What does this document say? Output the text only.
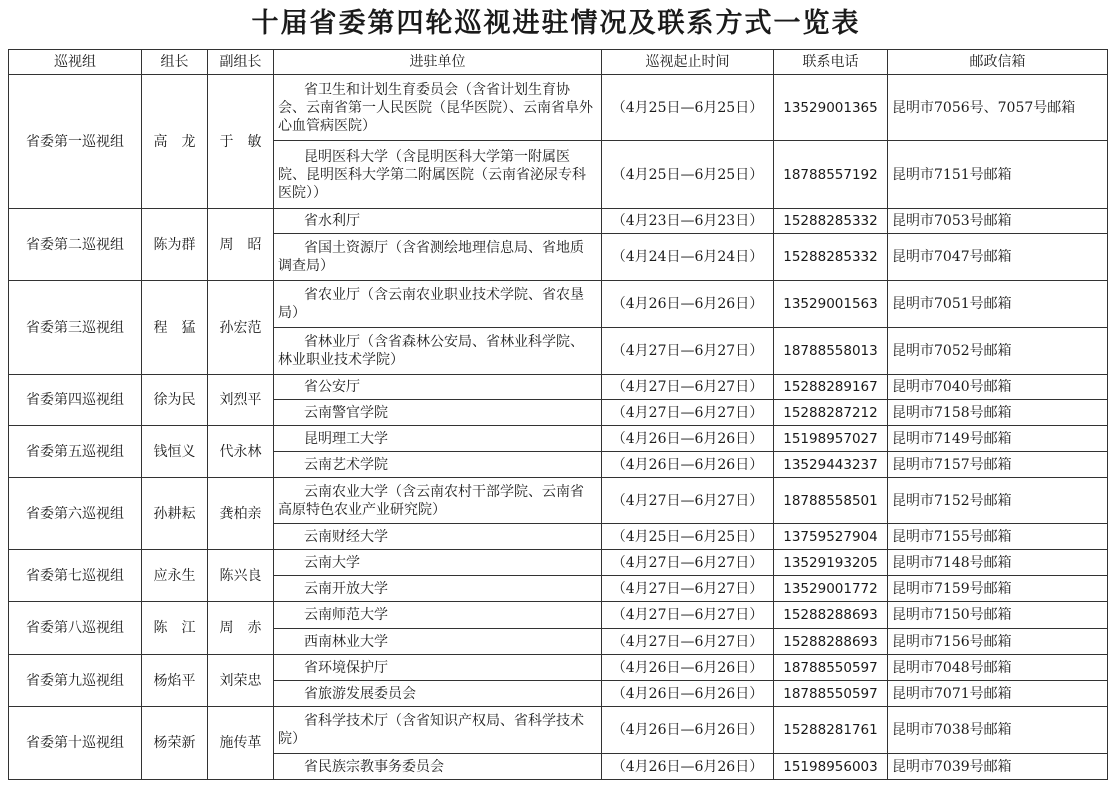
十届省委第四轮巡视进驻情况及联系方式一览表
巡视组	组长	副组长	进驻单位	巡视起止时间	联系电话	邮政信箱
省委第一巡视组	高　龙	于　敏	省卫生和计划生育委员会（含省计划生育协会、云南省第一人民医院（昆华医院）、云南省阜外心血管病医院）	（4月25日—6月25日）	13529001365	昆明市7056号、7057号邮箱
			昆明医科大学（含昆明医科大学第一附属医院、昆明医科大学第二附属医院（云南省泌尿专科医院））	（4月25日—6月25日）	18788557192	昆明市7151号邮箱
省委第二巡视组	陈为群	周　昭	省水利厅	（4月23日—6月23日）	15288285332	昆明市7053号邮箱
			省国土资源厅（含省测绘地理信息局、省地质调查局）	（4月24日—6月24日）	15288285332	昆明市7047号邮箱
省委第三巡视组	程　猛	孙宏范	省农业厅（含云南农业职业技术学院、省农垦局）	（4月26日—6月26日）	13529001563	昆明市7051号邮箱
			省林业厅（含省森林公安局、省林业科学院、林业职业技术学院）	（4月27日—6月27日）	18788558013	昆明市7052号邮箱
省委第四巡视组	徐为民	刘烈平	省公安厅	（4月27日—6月27日）	15288289167	昆明市7040号邮箱
			云南警官学院	（4月27日—6月27日）	15288287212	昆明市7158号邮箱
省委第五巡视组	钱恒义	代永林	昆明理工大学	（4月26日—6月26日）	15198957027	昆明市7149号邮箱
			云南艺术学院	（4月26日—6月26日）	13529443237	昆明市7157号邮箱
省委第六巡视组	孙耕耘	龚柏亲	云南农业大学（含云南农村干部学院、云南省高原特色农业产业研究院）	（4月27日—6月27日）	18788558501	昆明市7152号邮箱
			云南财经大学	（4月25日—6月25日）	13759527904	昆明市7155号邮箱
省委第七巡视组	应永生	陈兴良	云南大学	（4月27日—6月27日）	13529193205	昆明市7148号邮箱
			云南开放大学	（4月27日—6月27日）	13529001772	昆明市7159号邮箱
省委第八巡视组	陈　江	周　赤	云南师范大学	（4月27日—6月27日）	15288288693	昆明市7150号邮箱
			西南林业大学	（4月27日—6月27日）	15288288693	昆明市7156号邮箱
省委第九巡视组	杨焰平	刘荣忠	省环境保护厅	（4月26日—6月26日）	18788550597	昆明市7048号邮箱
			省旅游发展委员会	（4月26日—6月26日）	18788550597	昆明市7071号邮箱
省委第十巡视组	杨荣新	施传革	省科学技术厅（含省知识产权局、省科学技术院）	（4月26日—6月26日）	15288281761	昆明市7038号邮箱
			省民族宗教事务委员会	（4月26日—6月26日）	15198956003	昆明市7039号邮箱
